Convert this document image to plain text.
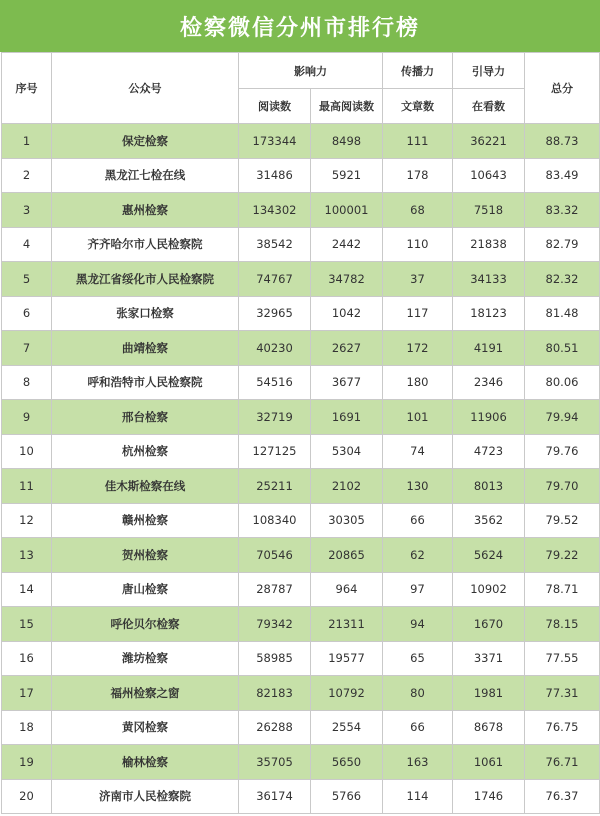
检察微信分州市排行榜
序号	公众号	影响力		传播力	引导力	总分
		阅读数	最高阅读数	文章数	在看数	
1	保定检察	173344	8498	111	36221	88.73
2	黑龙江七检在线	31486	5921	178	10643	83.49
3	惠州检察	134302	100001	68	7518	83.32
4	齐齐哈尔市人民检察院	38542	2442	110	21838	82.79
5	黑龙江省绥化市人民检察院	74767	34782	37	34133	82.32
6	张家口检察	32965	1042	117	18123	81.48
7	曲靖检察	40230	2627	172	4191	80.51
8	呼和浩特市人民检察院	54516	3677	180	2346	80.06
9	邢台检察	32719	1691	101	11906	79.94
10	杭州检察	127125	5304	74	4723	79.76
11	佳木斯检察在线	25211	2102	130	8013	79.70
12	赣州检察	108340	30305	66	3562	79.52
13	贺州检察	70546	20865	62	5624	79.22
14	唐山检察	28787	964	97	10902	78.71
15	呼伦贝尔检察	79342	21311	94	1670	78.15
16	潍坊检察	58985	19577	65	3371	77.55
17	福州检察之窗	82183	10792	80	1981	77.31
18	黄冈检察	26288	2554	66	8678	76.75
19	榆林检察	35705	5650	163	1061	76.71
20	济南市人民检察院	36174	5766	114	1746	76.37
